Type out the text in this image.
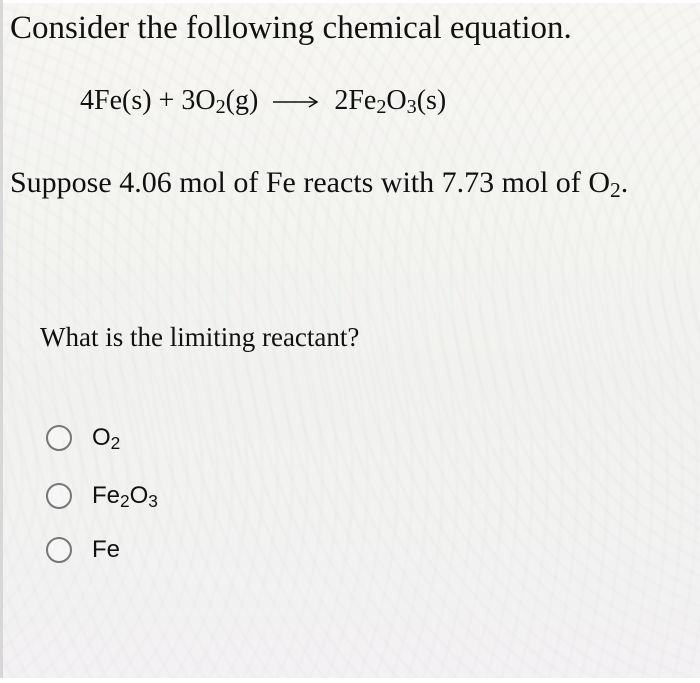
Consider the following chemical equation.
$4Fe(s) + 3O_2(g) \to 2Fe_2O_3(s)$
Suppose 4.06 mol of Fe reacts with 7.73 mol of $O_2$.
What is the limiting reactant?
$O_2$
$Fe_2O_3$
Fe
